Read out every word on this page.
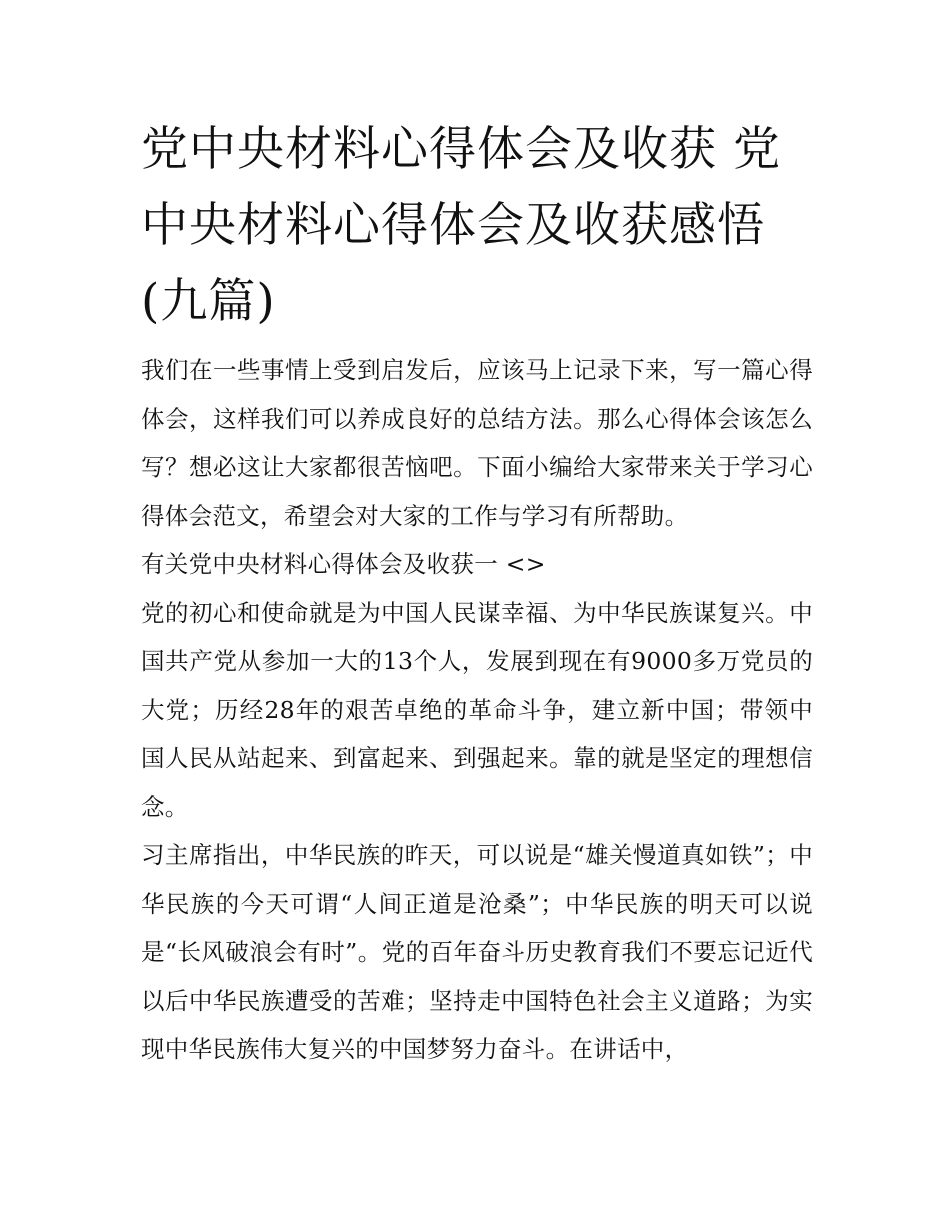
党中央材料心得体会及收获 党中央材料心得体会及收获感悟(九篇)

我们在一些事情上受到启发后，应该马上记录下来，写一篇心得体会，这样我们可以养成良好的总结方法。那么心得体会该怎么写？想必这让大家都很苦恼吧。下面小编给大家带来关于学习心得体会范文，希望会对大家的工作与学习有所帮助。

有关党中央材料心得体会及收获一 <>

党的初心和使命就是为中国人民谋幸福、为中华民族谋复兴。中国共产党从参加一大的13个人，发展到现在有9000多万党员的大党；历经28年的艰苦卓绝的革命斗争，建立新中国；带领中国人民从站起来、到富起来、到强起来。靠的就是坚定的理想信念。

习主席指出，中华民族的昨天，可以说是“雄关慢道真如铁”；中华民族的今天可谓“人间正道是沧桑”；中华民族的明天可以说是“长风破浪会有时”。党的百年奋斗历史教育我们不要忘记近代以后中华民族遭受的苦难；坚持走中国特色社会主义道路；为实现中华民族伟大复兴的中国梦努力奋斗。在讲话中，
